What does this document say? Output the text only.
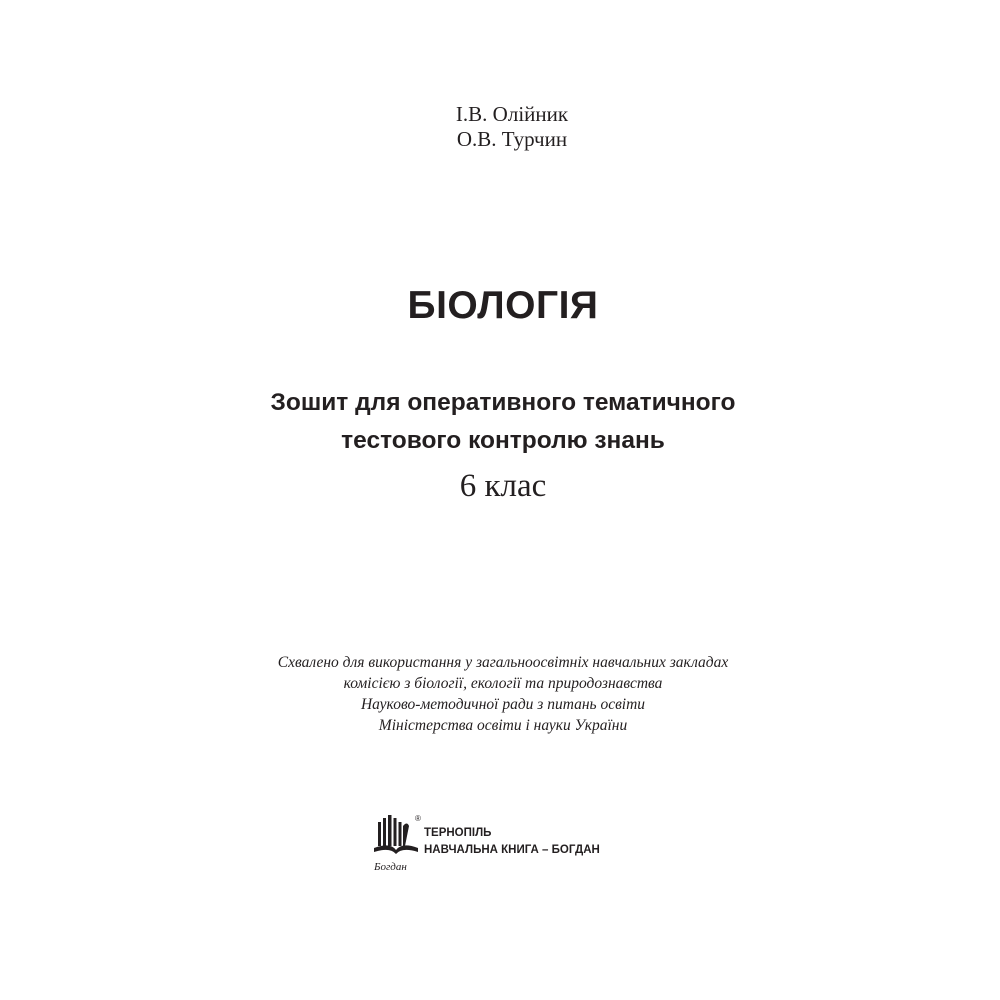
І.В. Олійник
О.В. Турчин
БІОЛОГІЯ
Зошит для оперативного тематичного
тестового контролю знань
6 клас
Схвалено для використання у загальноосвітніх навчальних закладах
комісією з біології, екології та природознавства
Науково-методичної ради з питань освіти
Міністерства освіти і науки України
®
Богдан
ТЕРНОПІЛЬ
НАВЧАЛЬНА КНИГА – БОГДАН
